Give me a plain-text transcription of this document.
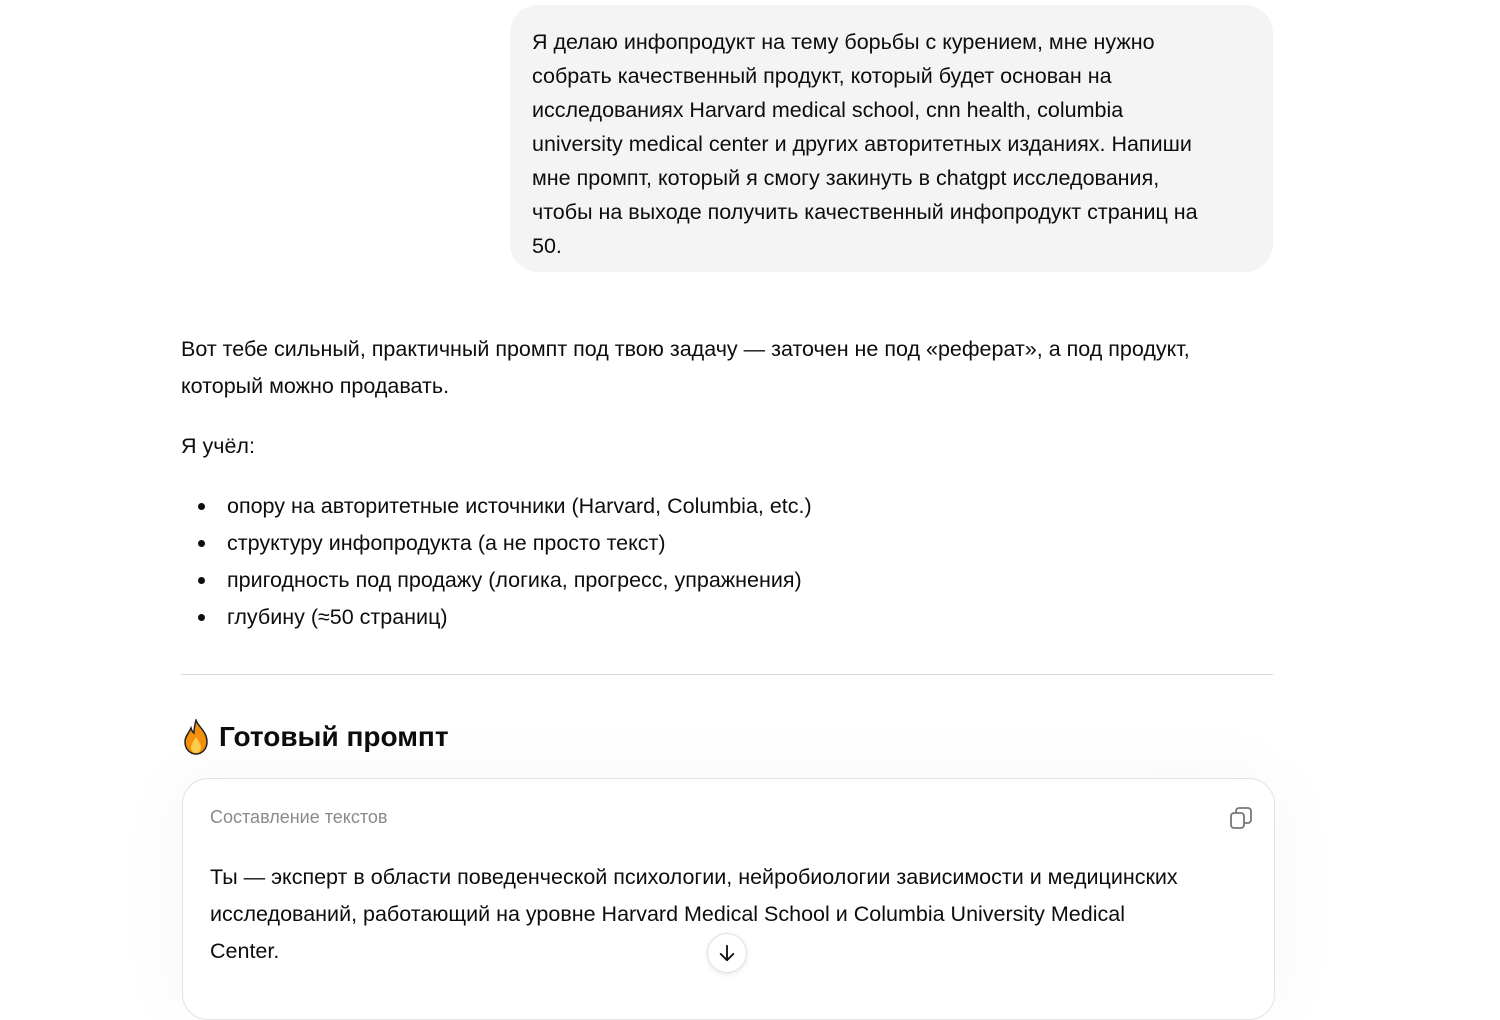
Я делаю инфопродукт на тему борьбы с курением, мне нужно
собрать качественный продукт, который будет основан на
исследованиях Harvard medical school, cnn health, columbia
university medical center и других авторитетных изданиях. Напиши
мне промпт, который я смогу закинуть в chatgpt исследования,
чтобы на выходе получить качественный инфопродукт страниц на
50.
Вот тебе сильный, практичный промпт под твою задачу — заточен не под «реферат», а под продукт,
который можно продавать.
Я учёл:
опору на авторитетные источники (Harvard, Columbia, etc.)
структуру инфопродукта (а не просто текст)
пригодность под продажу (логика, прогресс, упражнения)
глубину (≈50 страниц)
Готовый промпт
Составление текстов
Ты — эксперт в области поведенческой психологии, нейробиологии зависимости и медицинских
исследований, работающий на уровне Harvard Medical School и Columbia University Medical
Center.
